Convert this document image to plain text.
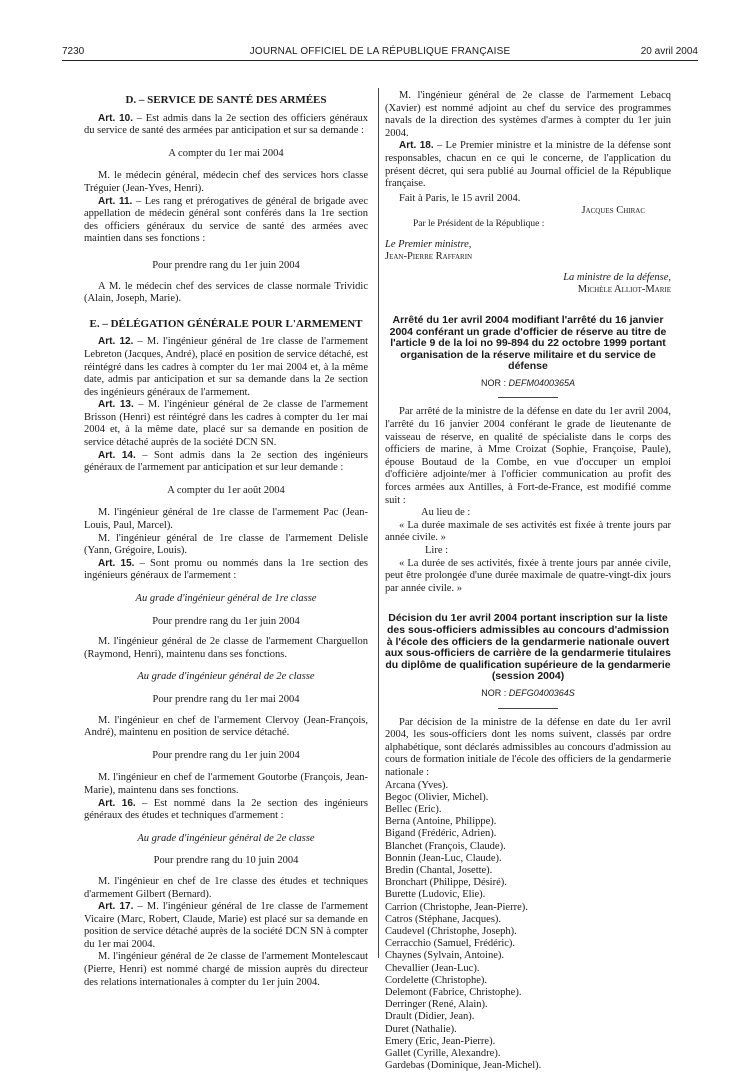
7230	JOURNAL OFFICIEL DE LA RÉPUBLIQUE FRANÇAISE	20 avril 2004

D. – SERVICE DE SANTÉ DES ARMÉES

Art. 10. – Est admis dans la 2e section des officiers généraux du service de santé des armées par anticipation et sur sa demande :

A compter du 1er mai 2004

M. le médecin général, médecin chef des services hors classe Tréguier (Jean-Yves, Henri).

Art. 11. – Les rang et prérogatives de général de brigade avec appellation de médecin général sont conférés dans la 1re section des officiers généraux du service de santé des armées avec maintien dans ses fonctions :

Pour prendre rang du 1er juin 2004

A M. le médecin chef des services de classe normale Trividic (Alain, Joseph, Marie).

E. – DÉLÉGATION GÉNÉRALE POUR L'ARMEMENT

Art. 12. – M. l'ingénieur général de 1re classe de l'armement Lebreton (Jacques, André), placé en position de service détaché, est réintégré dans les cadres à compter du 1er mai 2004 et, à la même date, admis par anticipation et sur sa demande dans la 2e section des ingénieurs généraux de l'armement.

Art. 13. – M. l'ingénieur général de 2e classe de l'armement Brisson (Henri) est réintégré dans les cadres à compter du 1er mai 2004 et, à la même date, placé sur sa demande en position de service détaché auprès de la société DCN SN.

Art. 14. – Sont admis dans la 2e section des ingénieurs généraux de l'armement par anticipation et sur leur demande :

A compter du 1er août 2004

M. l'ingénieur général de 1re classe de l'armement Pac (Jean-Louis, Paul, Marcel).

M. l'ingénieur général de 1re classe de l'armement Delisle (Yann, Grégoire, Louis).

Art. 15. – Sont promu ou nommés dans la 1re section des ingénieurs généraux de l'armement :

Au grade d'ingénieur général de 1re classe

Pour prendre rang du 1er juin 2004

M. l'ingénieur général de 2e classe de l'armement Charguellon (Raymond, Henri), maintenu dans ses fonctions.

Au grade d'ingénieur général de 2e classe

Pour prendre rang du 1er mai 2004

M. l'ingénieur en chef de l'armement Clervoy (Jean-François, André), maintenu en position de service détaché.

Pour prendre rang du 1er juin 2004

M. l'ingénieur en chef de l'armement Goutorbe (François, Jean-Marie), maintenu dans ses fonctions.

Art. 16. – Est nommé dans la 2e section des ingénieurs généraux des études et techniques d'armement :

Au grade d'ingénieur général de 2e classe

Pour prendre rang du 10 juin 2004

M. l'ingénieur en chef de 1re classe des études et techniques d'armement Gilbert (Bernard).

Art. 17. – M. l'ingénieur général de 1re classe de l'armement Vicaire (Marc, Robert, Claude, Marie) est placé sur sa demande en position de service détaché auprès de la société DCN SN à compter du 1er mai 2004.

M. l'ingénieur général de 2e classe de l'armement Montelescaut (Pierre, Henri) est nommé chargé de mission auprès du directeur des relations internationales à compter du 1er juin 2004.

M. l'ingénieur général de 2e classe de l'armement Lebacq (Xavier) est nommé adjoint au chef du service des programmes navals de la direction des systèmes d'armes à compter du 1er juin 2004.

Art. 18. – Le Premier ministre et la ministre de la défense sont responsables, chacun en ce qui le concerne, de l'application du présent décret, qui sera publié au Journal officiel de la République française.

Fait à Paris, le 15 avril 2004.

Jacques Chirac

Par le Président de la République :

Le Premier ministre,

Jean-Pierre Raffarin

La ministre de la défense,

Michèle Alliot-Marie

Arrêté du 1er avril 2004 modifiant l'arrêté du 16 janvier 2004 conférant un grade d'officier de réserve au titre de l'article 9 de la loi no 99-894 du 22 octobre 1999 portant organisation de la réserve militaire et du service de défense

NOR : DEFM0400365A

Par arrêté de la ministre de la défense en date du 1er avril 2004, l'arrêté du 16 janvier 2004 conférant le grade de lieutenante de vaisseau de réserve, en qualité de spécialiste dans le corps des officiers de marine, à Mme Croizat (Sophie, Françoise, Paule), épouse Boutaud de la Combe, en vue d'occuper un emploi d'officière adjointe/mer à l'officier communication au profit des forces armées aux Antilles, à Fort-de-France, est modifié comme suit :

Au lieu de :

« La durée maximale de ses activités est fixée à trente jours par année civile. »

Lire :

« La durée de ses activités, fixée à trente jours par année civile, peut être prolongée d'une durée maximale de quatre-vingt-dix jours par année civile. »

Décision du 1er avril 2004 portant inscription sur la liste des sous-officiers admissibles au concours d'admission à l'école des officiers de la gendarmerie nationale ouvert aux sous-officiers de carrière de la gendarmerie titulaires du diplôme de qualification supérieure de la gendarmerie (session 2004)

NOR : DEFG0400364S

Par décision de la ministre de la défense en date du 1er avril 2004, les sous-officiers dont les noms suivent, classés par ordre alphabétique, sont déclarés admissibles au concours d'admission au cours de formation initiale de l'école des officiers de la gendarmerie nationale :

Arcana (Yves).

Begoc (Olivier, Michel).

Bellec (Eric).

Berna (Antoine, Philippe).

Bigand (Frédéric, Adrien).

Blanchet (François, Claude).

Bonnin (Jean-Luc, Claude).

Bredin (Chantal, Josette).

Bronchart (Philippe, Désiré).

Burette (Ludovic, Elie).

Carrion (Christophe, Jean-Pierre).

Catros (Stéphane, Jacques).

Caudevel (Christophe, Joseph).

Cerracchio (Samuel, Frédéric).

Chaynes (Sylvain, Antoine).

Chevallier (Jean-Luc).

Cordelette (Christophe).

Delemont (Fabrice, Christophe).

Derringer (René, Alain).

Drault (Didier, Jean).

Duret (Nathalie).

Emery (Eric, Jean-Pierre).

Gallet (Cyrille, Alexandre).

Gardebas (Dominique, Jean-Michel).
